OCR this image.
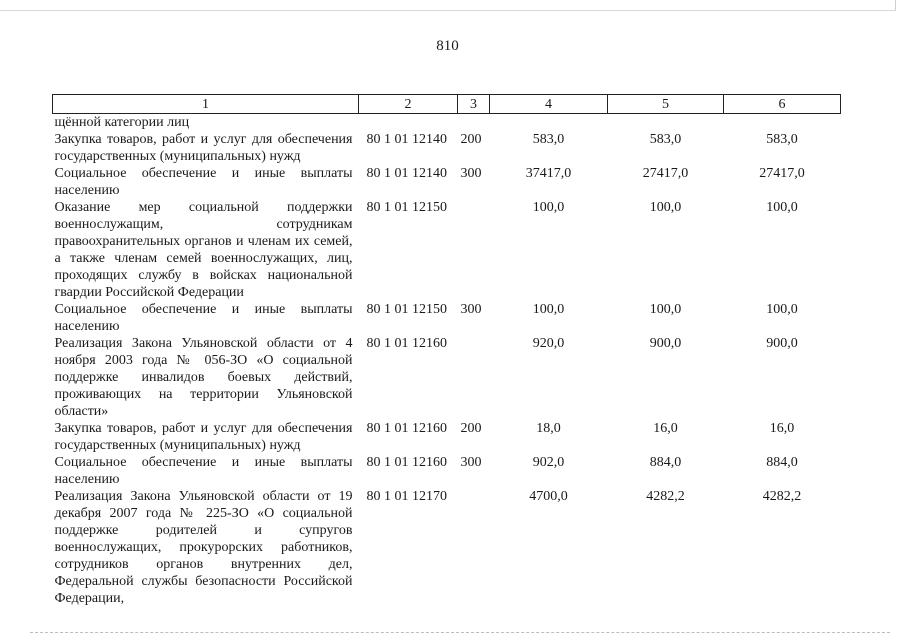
810
1	2	3	4	5	6
щённой категории лиц					
Закупка товаров, работ и услуг для обеспечения государственных (муниципальных) нужд	80 1 01 12140	200	583,0	583,0	583,0
Социальное обеспечение и иные выплаты населению	80 1 01 12140	300	37417,0	27417,0	27417,0
Оказание мер социальной поддержки военнослужащим, сотрудникам правоохранительных органов и членам их семей, а также членам семей военнослужащих, лиц, проходящих службу в войсках национальной гвардии Российской Федерации	80 1 01 12150		100,0	100,0	100,0
Социальное обеспечение и иные выплаты населению	80 1 01 12150	300	100,0	100,0	100,0
Реализация Закона Ульяновской области от 4 ноября 2003 года № 056-ЗО «О социальной поддержке инвалидов боевых действий, проживающих на территории Ульяновской области»	80 1 01 12160		920,0	900,0	900,0
Закупка товаров, работ и услуг для обеспечения государственных (муниципальных) нужд	80 1 01 12160	200	18,0	16,0	16,0
Социальное обеспечение и иные выплаты населению	80 1 01 12160	300	902,0	884,0	884,0
Реализация Закона Ульяновской области от 19 декабря 2007 года № 225-ЗО «О социальной поддержке родителей и супругов военнослужащих, прокурорских работников, сотрудников органов внутренних дел, Федеральной службы безопасности Российской Федерации,	80 1 01 12170		4700,0	4282,2	4282,2
